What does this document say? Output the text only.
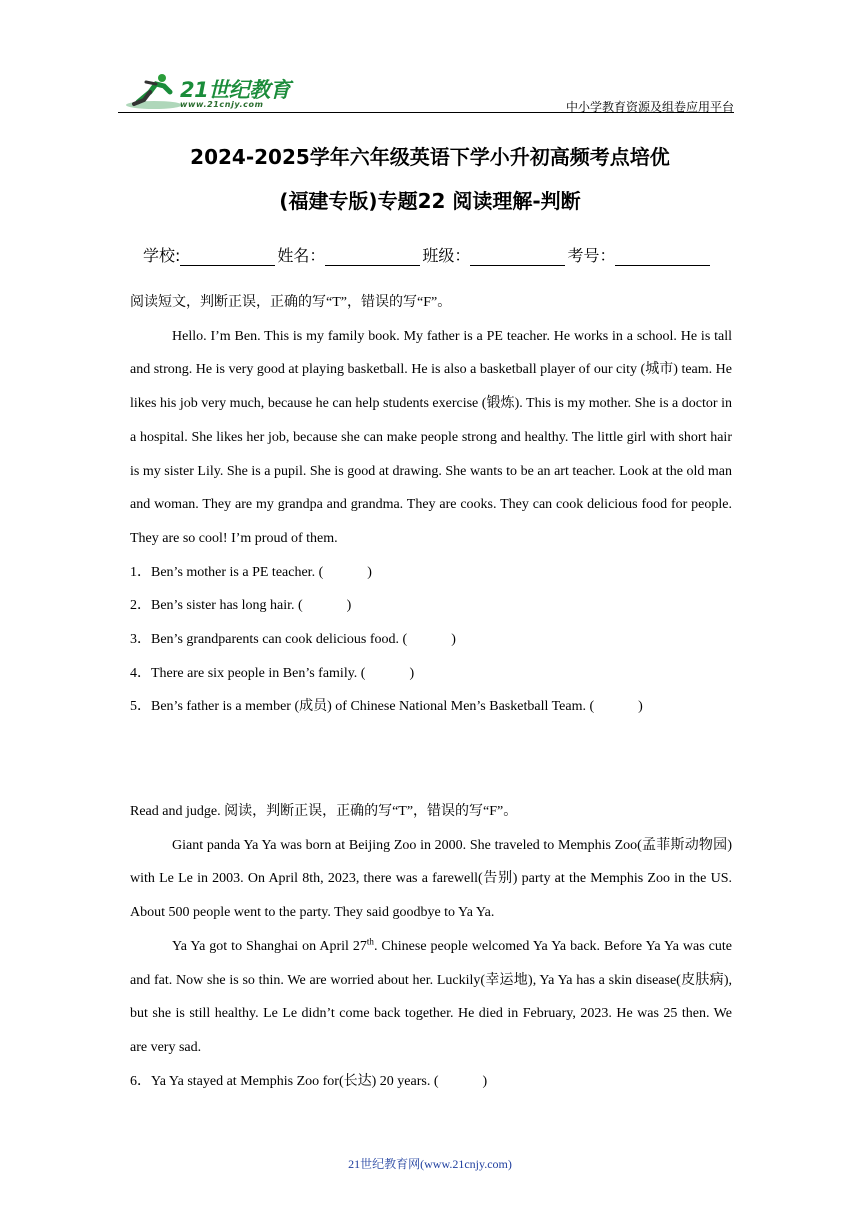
21世纪教育
www.21cnjy.com	中小学教育资源及组卷应用平台
2024-2025学年六年级英语下学小升初高频考点培优
(福建专版)专题22 阅读理解-判断
学校:	姓名：	班级：	考号：

阅读短文，判断正误，正确的写“T”，错误的写“F”。

Hello. I’m Ben. This is my family book. My father is a PE teacher. He works in a school. He is tall and strong. He is very good at playing basketball. He is also a basketball player of our city (城市) team. He likes his job very much, because he can help students exercise (锻炼). This is my mother. She is a doctor in a hospital. She likes her job, because she can make people strong and healthy. The little girl with short hair is my sister Lily. She is a pupil. She is good at drawing. She wants to be an art teacher. Look at the old man and woman. They are my grandpa and grandma. They are cooks. They can cook delicious food for people. They are so cool! I’m proud of them.

1．Ben’s mother is a PE teacher. (	)

2．Ben’s sister has long hair. (	)

3．Ben’s grandparents can cook delicious food. (	)

4．There are six people in Ben’s family. (	)

5．Ben’s father is a member (成员) of Chinese National Men’s Basketball Team. (	)

Read and judge. 阅读，判断正误，正确的写“T”，错误的写“F”。

Giant panda Ya Ya was born at Beijing Zoo in 2000. She traveled to Memphis Zoo(孟菲斯动物园) with Le Le in 2003. On April 8th, 2023, there was a farewell(告别) party at the Memphis Zoo in the US. About 500 people went to the party. They said goodbye to Ya Ya.

Ya Ya got to Shanghai on April 27th. Chinese people welcomed Ya Ya back. Before Ya Ya was cute and fat. Now she is so thin. We are worried about her. Luckily(幸运地), Ya Ya has a skin disease(皮肤病), but she is still healthy. Le Le didn’t come back together. He died in February, 2023. He was 25 then. We are very sad.

6．Ya Ya stayed at Memphis Zoo for(长达) 20 years. (	)

21世纪教育网(www.21cnjy.com)
